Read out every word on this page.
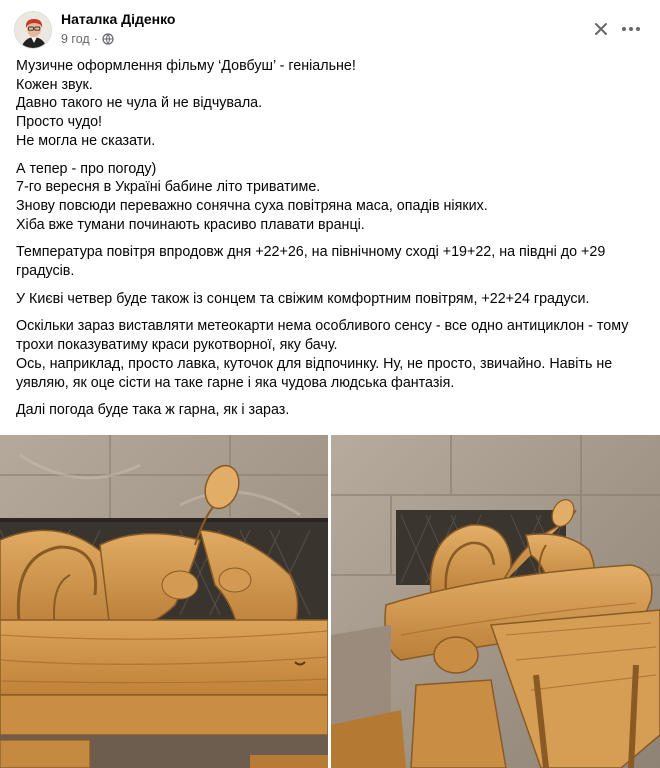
Наталка Діденко
9 год ·

Музичне оформлення фільму ‘Довбуш’ - геніальне!
Кожен звук.
Давно такого не чула й не відчувала.
Просто чудо!
Не могла не сказати.

А тепер - про погоду)
7-го вересня в Україні бабине літо триватиме.
Знову повсюди переважно сонячна суха повітряна маса, опадів ніяких.
Хіба вже тумани починають красиво плавати вранці.

Температура повітря впродовж дня +22+26, на північному сході +19+22, на півдні до +29
градусів.

У Києві четвер буде також із сонцем та свіжим комфортним повітрям, +22+24 градуси.

Оскільки зараз виставляти метеокарти нема особливого сенсу - все одно антициклон - тому
трохи показуватиму краси рукотворної, яку бачу.
Ось, наприклад, просто лавка, куточок для відпочинку. Ну, не просто, звичайно. Навіть не
уявляю, як оце сісти на таке гарне і яка чудова людська фантазія.

Далі погода буде така ж гарна, як і зараз.
